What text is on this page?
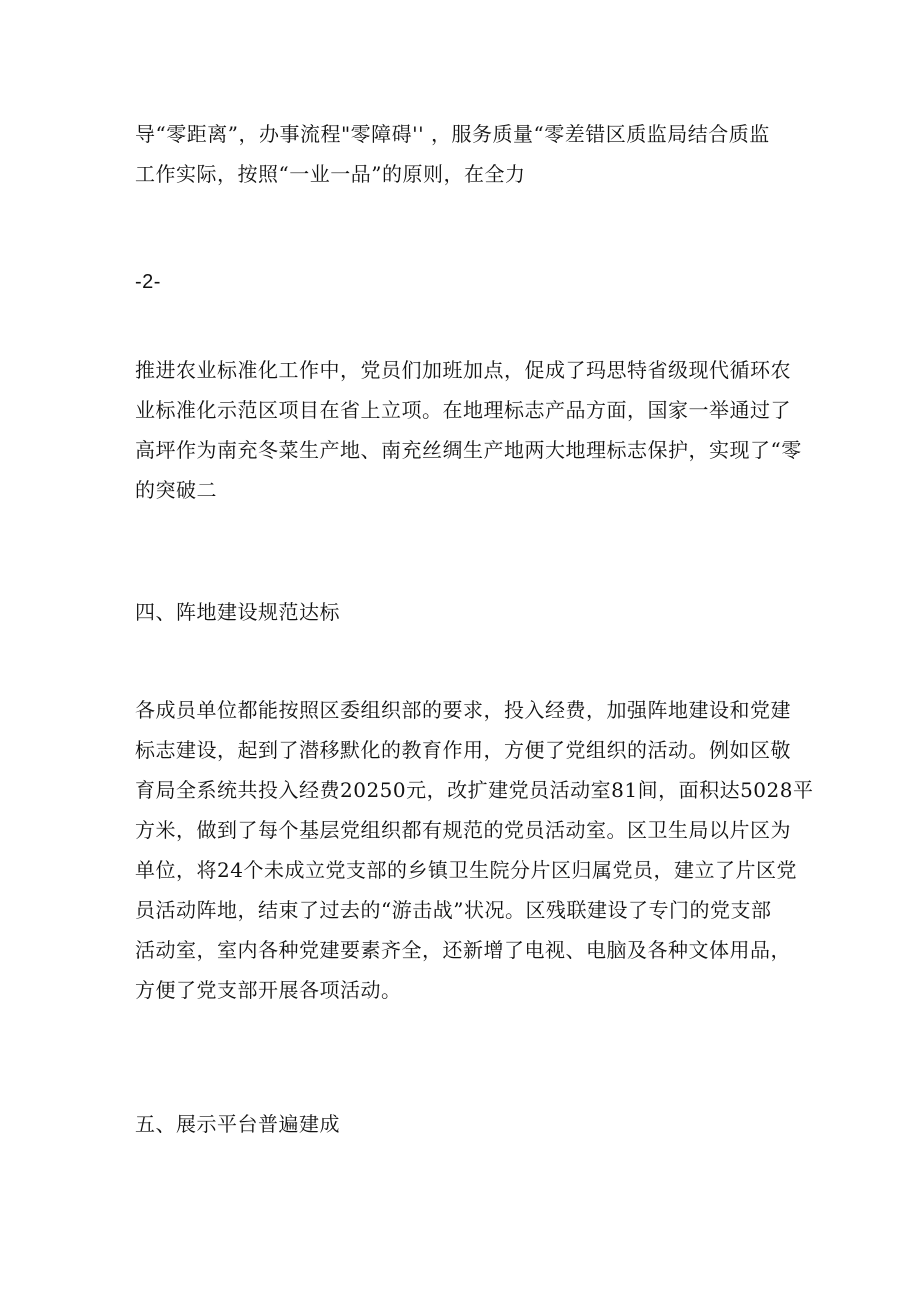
导“零距离”，办事流程"零障碍'' ，服务质量“零差错区质监局结合质监
工作实际，按照“一业一品”的原则，在全力
-2-
推进农业标准化工作中，党员们加班加点，促成了玛思特省级现代循环农
业标准化示范区项目在省上立项。在地理标志产品方面，国家一举通过了
高坪作为南充冬菜生产地、南充丝绸生产地两大地理标志保护，实现了“零
的突破二
四、阵地建设规范达标
各成员单位都能按照区委组织部的要求，投入经费，加强阵地建设和党建
标志建设，起到了潜移默化的教育作用，方便了党组织的活动。例如区敬
育局全系统共投入经费20250元，改扩建党员活动室81间，面积达5028平
方米，做到了每个基层党组织都有规范的党员活动室。区卫生局以片区为
单位，将24个未成立党支部的乡镇卫生院分片区归属党员，建立了片区党
员活动阵地，结束了过去的“游击战”状况。区残联建设了专门的党支部
活动室，室内各种党建要素齐全，还新增了电视、电脑及各种文体用品，
方便了党支部开展各项活动。
五、展示平台普遍建成
